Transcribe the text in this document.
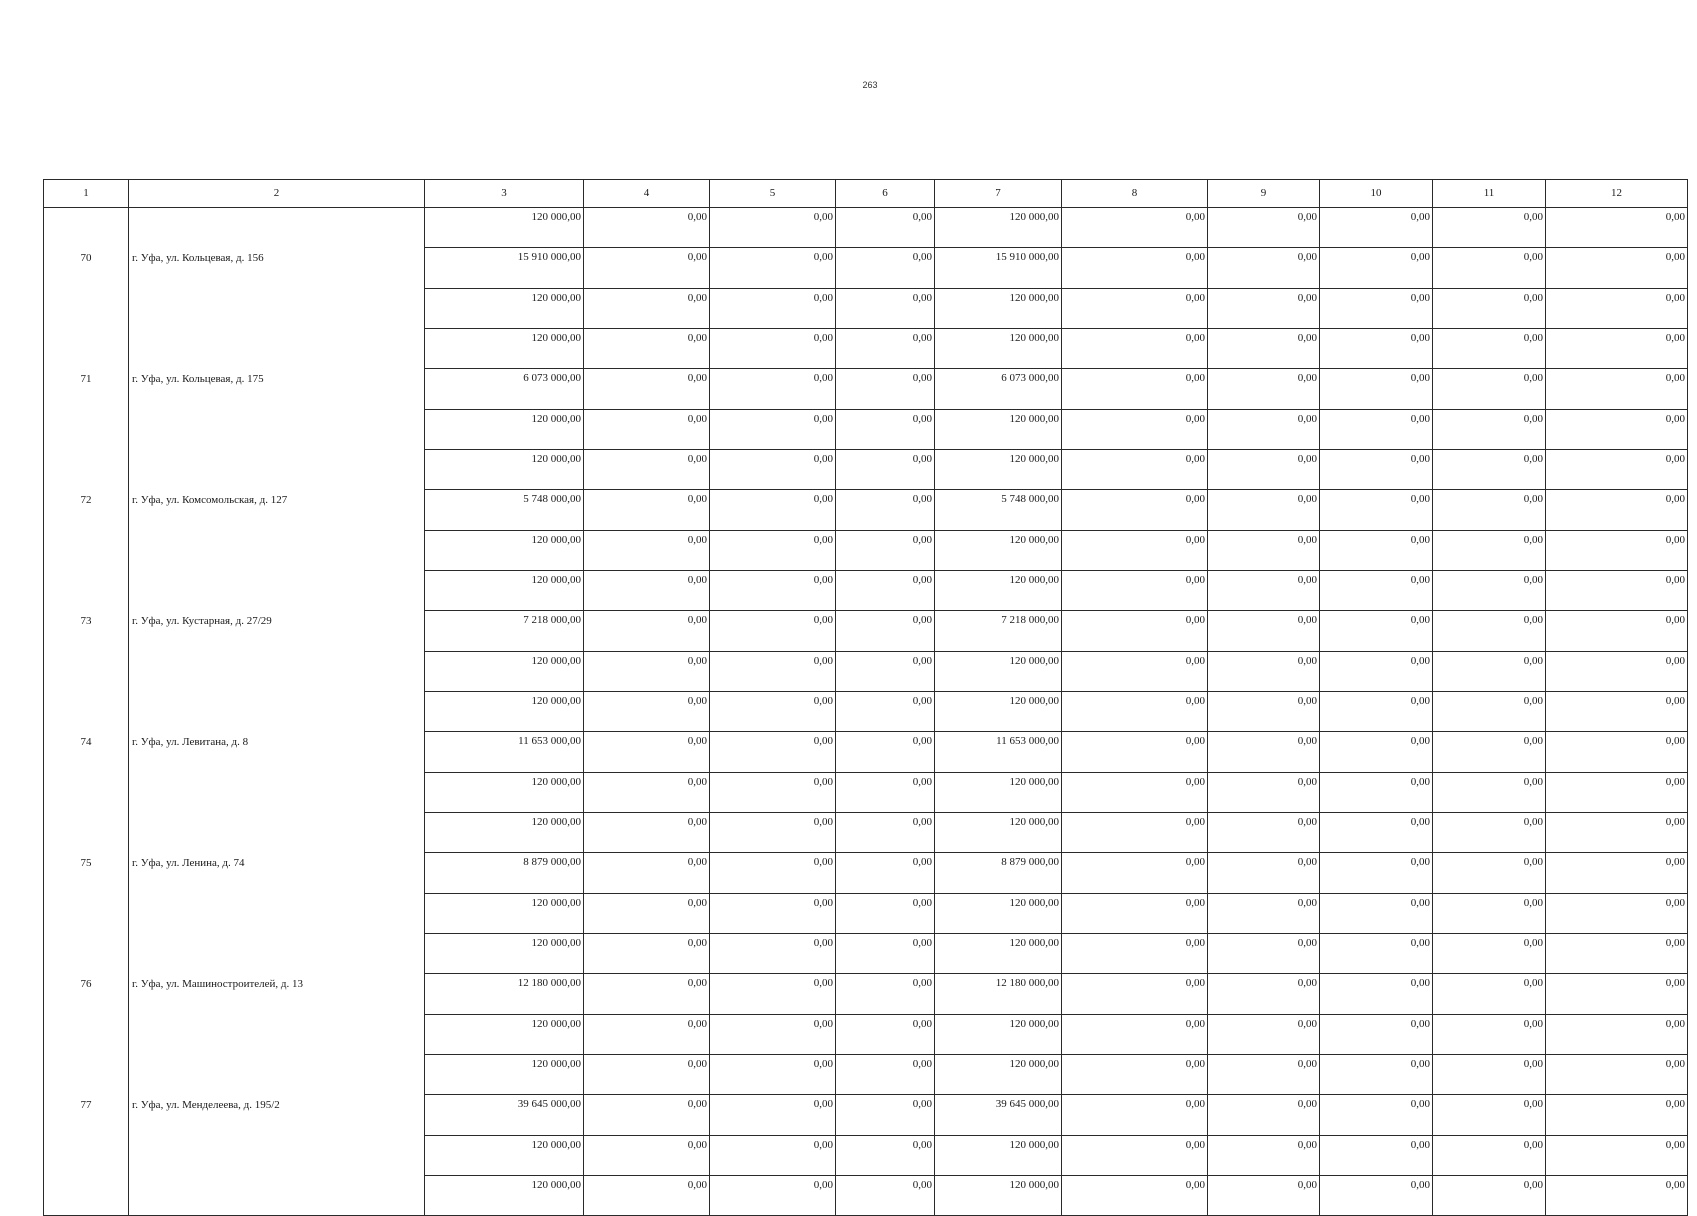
263
1	2	3	4	5	6	7	8	9	10	11	12
		120 000,00	0,00	0,00	0,00	120 000,00	0,00	0,00	0,00	0,00	0,00
70	г. Уфа, ул. Кольцевая, д. 156	15 910 000,00	0,00	0,00	0,00	15 910 000,00	0,00	0,00	0,00	0,00	0,00
		120 000,00	0,00	0,00	0,00	120 000,00	0,00	0,00	0,00	0,00	0,00
		120 000,00	0,00	0,00	0,00	120 000,00	0,00	0,00	0,00	0,00	0,00
71	г. Уфа, ул. Кольцевая, д. 175	6 073 000,00	0,00	0,00	0,00	6 073 000,00	0,00	0,00	0,00	0,00	0,00
		120 000,00	0,00	0,00	0,00	120 000,00	0,00	0,00	0,00	0,00	0,00
		120 000,00	0,00	0,00	0,00	120 000,00	0,00	0,00	0,00	0,00	0,00
72	г. Уфа, ул. Комсомольская, д. 127	5 748 000,00	0,00	0,00	0,00	5 748 000,00	0,00	0,00	0,00	0,00	0,00
		120 000,00	0,00	0,00	0,00	120 000,00	0,00	0,00	0,00	0,00	0,00
		120 000,00	0,00	0,00	0,00	120 000,00	0,00	0,00	0,00	0,00	0,00
73	г. Уфа, ул. Кустарная, д. 27/29	7 218 000,00	0,00	0,00	0,00	7 218 000,00	0,00	0,00	0,00	0,00	0,00
		120 000,00	0,00	0,00	0,00	120 000,00	0,00	0,00	0,00	0,00	0,00
		120 000,00	0,00	0,00	0,00	120 000,00	0,00	0,00	0,00	0,00	0,00
74	г. Уфа, ул. Левитана, д. 8	11 653 000,00	0,00	0,00	0,00	11 653 000,00	0,00	0,00	0,00	0,00	0,00
		120 000,00	0,00	0,00	0,00	120 000,00	0,00	0,00	0,00	0,00	0,00
		120 000,00	0,00	0,00	0,00	120 000,00	0,00	0,00	0,00	0,00	0,00
75	г. Уфа, ул. Ленина, д. 74	8 879 000,00	0,00	0,00	0,00	8 879 000,00	0,00	0,00	0,00	0,00	0,00
		120 000,00	0,00	0,00	0,00	120 000,00	0,00	0,00	0,00	0,00	0,00
		120 000,00	0,00	0,00	0,00	120 000,00	0,00	0,00	0,00	0,00	0,00
76	г. Уфа, ул. Машиностроителей, д. 13	12 180 000,00	0,00	0,00	0,00	12 180 000,00	0,00	0,00	0,00	0,00	0,00
		120 000,00	0,00	0,00	0,00	120 000,00	0,00	0,00	0,00	0,00	0,00
		120 000,00	0,00	0,00	0,00	120 000,00	0,00	0,00	0,00	0,00	0,00
77	г. Уфа, ул. Менделеева, д. 195/2	39 645 000,00	0,00	0,00	0,00	39 645 000,00	0,00	0,00	0,00	0,00	0,00
		120 000,00	0,00	0,00	0,00	120 000,00	0,00	0,00	0,00	0,00	0,00
		120 000,00	0,00	0,00	0,00	120 000,00	0,00	0,00	0,00	0,00	0,00
